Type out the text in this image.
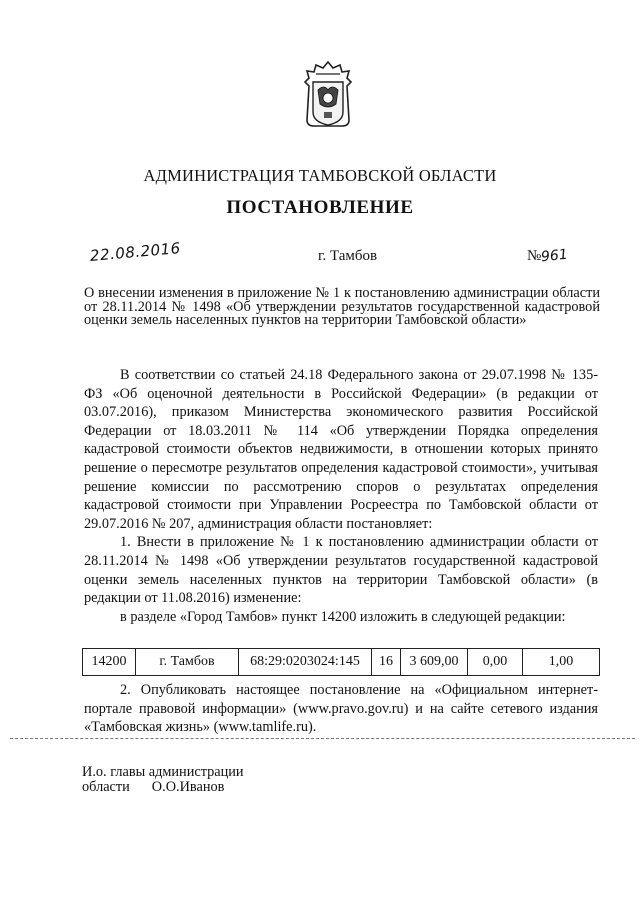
АДМИНИСТРАЦИЯ ТАМБОВСКОЙ ОБЛАСТИ
ПОСТАНОВЛЕНИЕ
22.08.2016	г. Тамбов	№961
О внесении изменения в приложение № 1 к постановлению администрации области от 28.11.2014 № 1498 «Об утверждении результатов государственной кадастровой оценки земель населенных пунктов на территории Тамбовской области»

В соответствии со статьей 24.18 Федерального закона от 29.07.1998 № 135-ФЗ «Об оценочной деятельности в Российской Федерации» (в редакции от 03.07.2016), приказом Министерства экономического развития Российской Федерации от 18.03.2011 № 114 «Об утверждении Порядка определения кадастровой стоимости объектов недвижимости, в отношении которых принято решение о пересмотре результатов определения кадастровой стоимости», учитывая решение комиссии по рассмотрению споров о результатах определения кадастровой стоимости при Управлении Росреестра по Тамбовской области от 29.07.2016 № 207, администрация области постановляет:

1. Внести в приложение № 1 к постановлению администрации области от 28.11.2014 № 1498 «Об утверждении результатов государственной кадастровой оценки земель населенных пунктов на территории Тамбовской области» (в редакции от 11.08.2016) изменение:

в разделе «Город Тамбов» пункт 14200 изложить в следующей редакции:

14200	г. Тамбов	68:29:0203024:145	16	3 609,00	0,00	1,00

2. Опубликовать настоящее постановление на «Официальном интернет-портале правовой информации» (www.pravo.gov.ru) и на сайте сетевого издания «Тамбовская жизнь» (www.tamlife.ru).

И.о. главы администрации
области О.О.Иванов
